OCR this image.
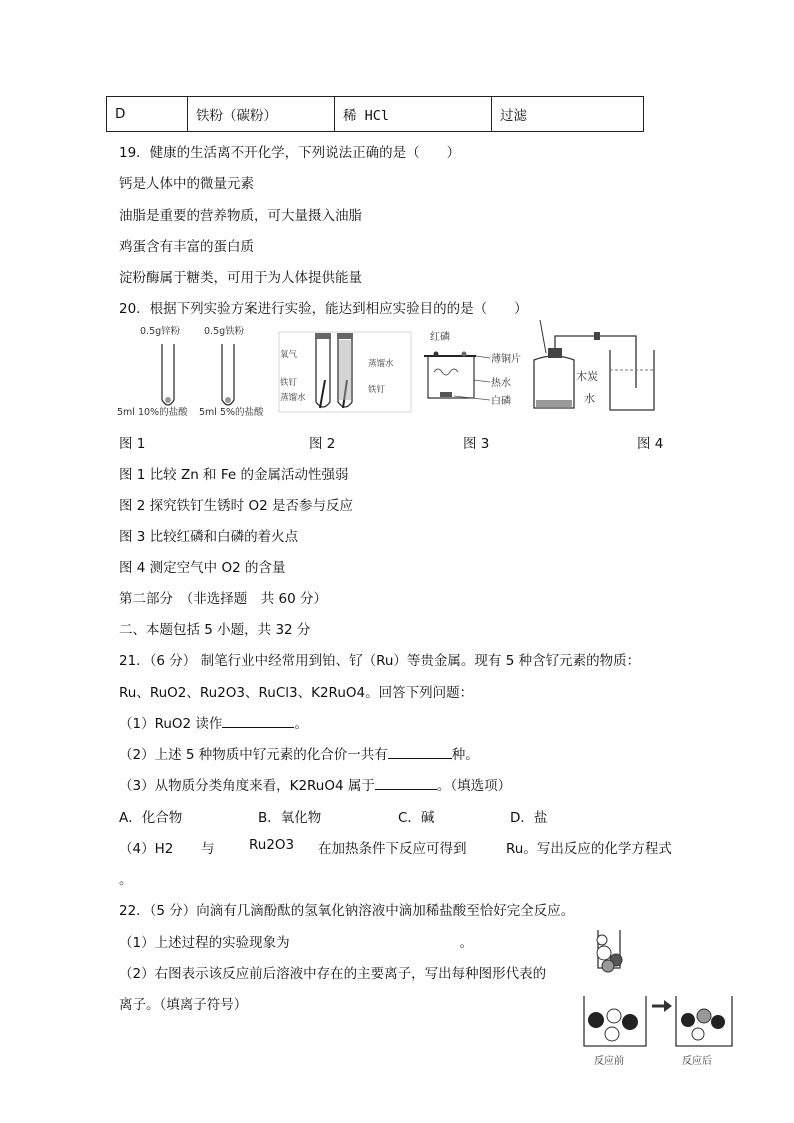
D	铁粉（碳粉）	稀 HCl	过滤
19．健康的生活离不开化学，下列说法正确的是（　　）
钙是人体中的微量元素
油脂是重要的营养物质，可大量摄入油脂
鸡蛋含有丰富的蛋白质
淀粉酶属于糖类，可用于为人体提供能量
20．根据下列实验方案进行实验，能达到相应实验目的的是（　　）
0.5g锌粉	0.5g铁粉
5ml 10%的盐酸 5ml 5%的盐酸
氧气
铁钉
蒸馏水
蒸馏水
铁钉
红磷
薄铜片
热水
白磷
木炭
水
图 1	图 2	图 3	图 4
图 1 比较 Zn 和 Fe 的金属活动性强弱
图 2 探究铁钉生锈时 O2 是否参与反应
图 3 比较红磷和白磷的着火点
图 4 测定空气中 O2 的含量
第二部分　（非选择题　共 60 分）
二、本题包括 5 小题，共 32 分
21．（6 分） 制笔行业中经常用到铂、钌（Ru）等贵金属。现有 5 种含钌元素的物质：
Ru、RuO2、Ru2O3、RuCl3、K2RuO4。回答下列问题：
（1）RuO2 读作	。
（2）上述 5 种物质中钌元素的化合价一共有	种。
（3）从物质分类角度来看，K2RuO4 属于	。（填选项）
A．化合物	B．氧化物	C．碱	D．盐
（4）H2 与	Ru2O3 在加热条件下反应可得到	Ru。写出反应的化学方程式
。
22．（5 分）向滴有几滴酚酞的氢氧化钠溶液中滴加稀盐酸至恰好完全反应。
（1）上述过程的实验现象为	。
（2）右图表示该反应前后溶液中存在的主要离子，写出每种图形代表的
离子。（填离子符号）
反应前	反应后
